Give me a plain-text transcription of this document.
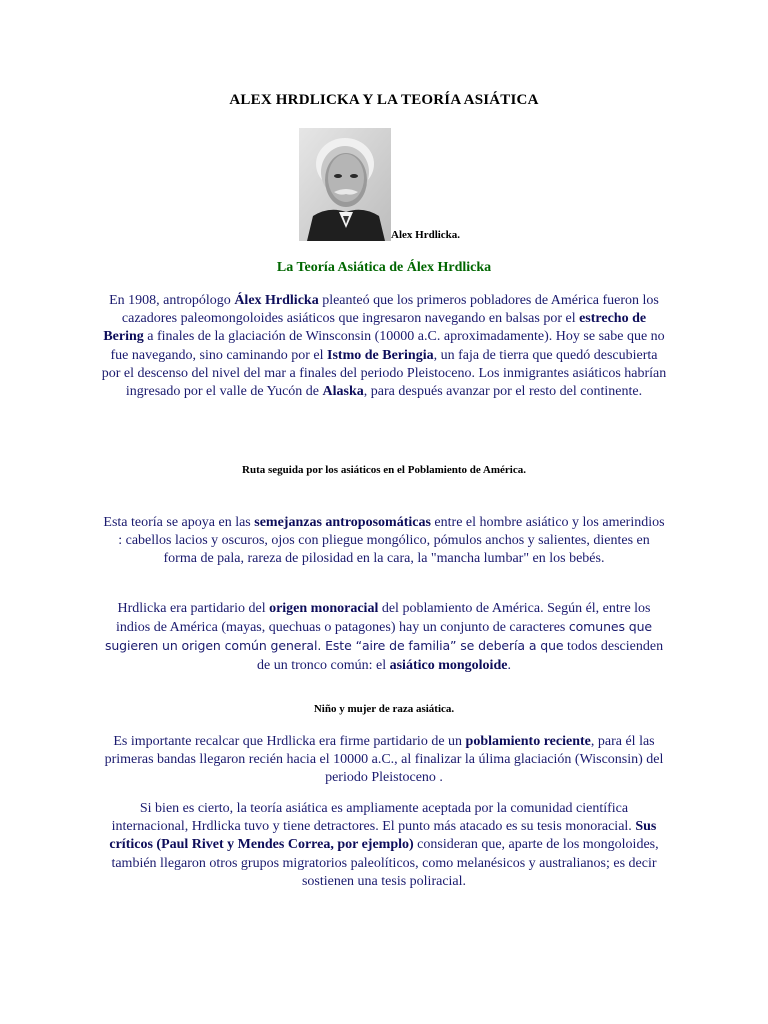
ALEX HRDLICKA Y LA TEORÍA ASIÁTICA
Alex Hrdlicka.
La Teoría Asiática de Álex Hrdlicka
En 1908, antropólogo Álex Hrdlicka pleanteó que los primeros pobladores de América fueron los cazadores paleomongoloides asiáticos que ingresaron navegando en balsas por el estrecho de Bering a finales de la glaciación de Winsconsin (10000 a.C. aproximadamente). Hoy se sabe que no fue navegando, sino caminando por el Istmo de Beringia, un faja de tierra que quedó descubierta por el descenso del nivel del mar a finales del periodo Pleistoceno. Los inmigrantes asiáticos habrían ingresado por el valle de Yucón de Alaska, para después avanzar por el resto del continente.
Ruta seguida por los asiáticos en el Poblamiento de América.
Esta teoría se apoya en las semejanzas antroposomáticas entre el hombre asiático y los amerindios : cabellos lacios y oscuros, ojos con pliegue mongólico, pómulos anchos y salientes, dientes en forma de pala, rareza de pilosidad en la cara, la "mancha lumbar" en los bebés.
Hrdlicka era partidario del origen monoracial del poblamiento de América. Según él, entre los indios de América (mayas, quechuas o patagones) hay un conjunto de caracteres comunes que sugieren un origen común general. Este “aire de familia” se debería a que todos descienden de un tronco común: el asiático mongoloide.
Niño y mujer de raza asiática.
Es importante recalcar que Hrdlicka era firme partidario de un poblamiento reciente, para él las primeras bandas llegaron recién hacia el 10000 a.C., al finalizar la úlima glaciación (Wisconsin) del periodo Pleistoceno .
Si bien es cierto, la teoría asiática es ampliamente aceptada por la comunidad científica internacional, Hrdlicka tuvo y tiene detractores. El punto más atacado es su tesis monoracial. Sus críticos (Paul Rivet y Mendes Correa, por ejemplo) consideran que, aparte de los mongoloides, también llegaron otros grupos migratorios paleolíticos, como melanésicos y australianos; es decir sostienen una tesis poliracial.
